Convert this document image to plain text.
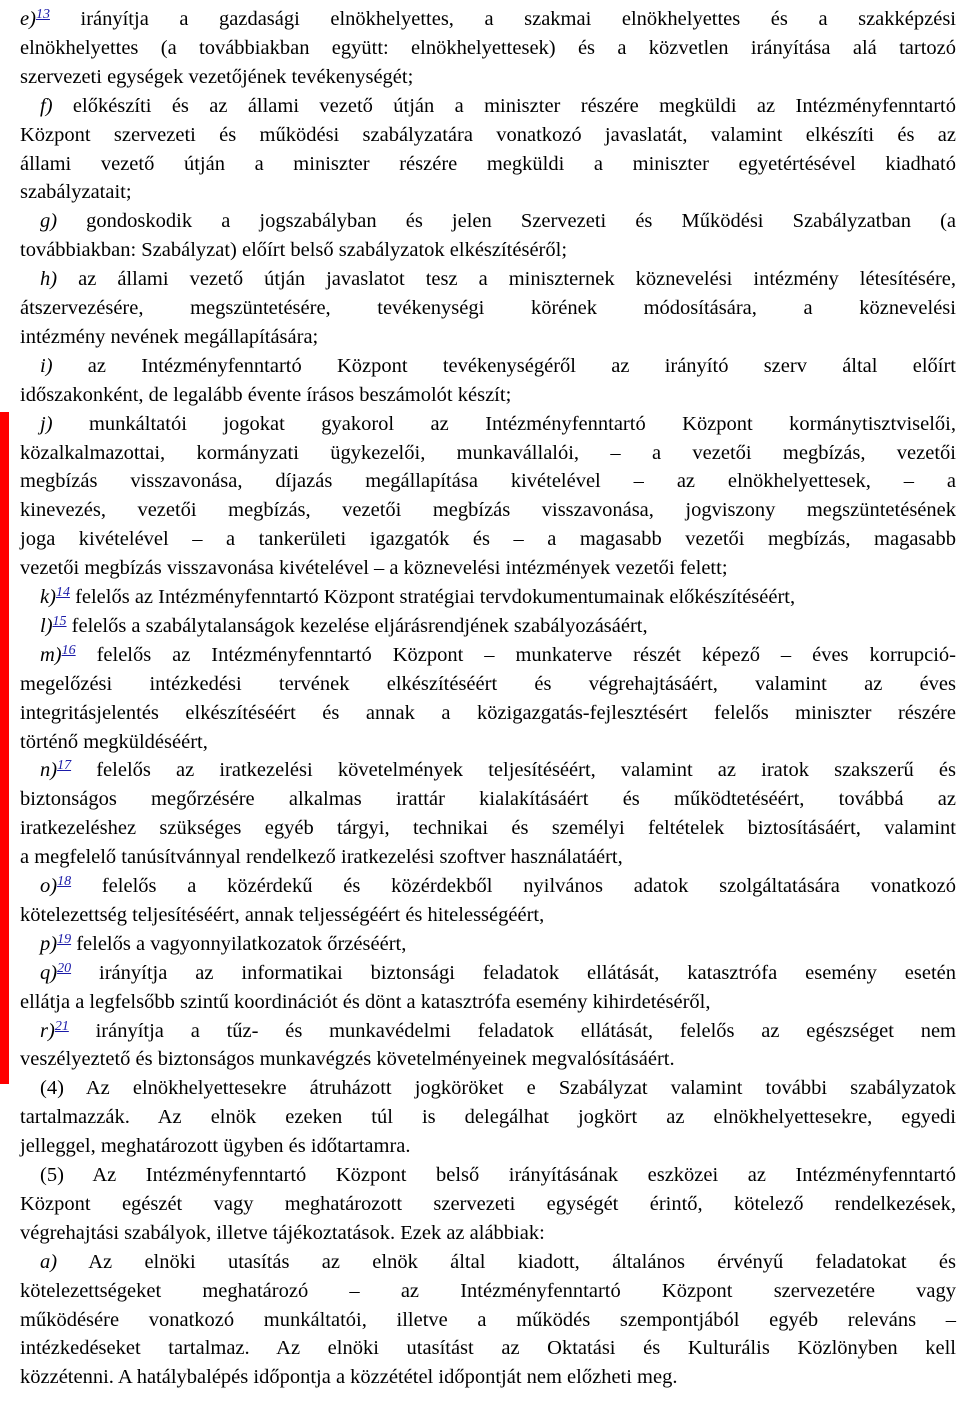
e)$^{13}$ irányítja a gazdasági elnökhelyettes, a szakmai elnökhelyettes és a szakképzési
elnökhelyettes (a továbbiakban együtt: elnökhelyettesek) és a közvetlen irányítása alá tartozó
szervezeti egységek vezetőjének tevékenységét;
f) előkészíti és az állami vezető útján a miniszter részére megküldi az Intézményfenntartó
Központ szervezeti és működési szabályzatára vonatkozó javaslatát, valamint elkészíti és az
állami vezető útján a miniszter részére megküldi a miniszter egyetértésével kiadható
szabályzatait;
g) gondoskodik a jogszabályban és jelen Szervezeti és Működési Szabályzatban (a
továbbiakban: Szabályzat) előírt belső szabályzatok elkészítéséről;
h) az állami vezető útján javaslatot tesz a miniszternek köznevelési intézmény létesítésére,
átszervezésére, megszüntetésére, tevékenységi körének módosítására, a köznevelési
intézmény nevének megállapítására;
i) az Intézményfenntartó Központ tevékenységéről az irányító szerv által előírt
időszakonként, de legalább évente írásos beszámolót készít;
j) munkáltatói jogokat gyakorol az Intézményfenntartó Központ kormánytisztviselői,
közalkalmazottai, kormányzati ügykezelői, munkavállalói, – a vezetői megbízás, vezetői
megbízás visszavonása, díjazás megállapítása kivételével – az elnökhelyettesek, – a
kinevezés, vezetői megbízás, vezetői megbízás visszavonása, jogviszony megszüntetésének
joga kivételével – a tankerületi igazgatók és – a magasabb vezetői megbízás, magasabb
vezetői megbízás visszavonása kivételével – a köznevelési intézmények vezetői felett;
k)$^{14}$ felelős az Intézményfenntartó Központ stratégiai tervdokumentumainak előkészítéséért,
l)$^{15}$ felelős a szabálytalanságok kezelése eljárásrendjének szabályozásáért,
m)$^{16}$ felelős az Intézményfenntartó Központ – munkaterve részét képező – éves korrupció-
megelőzési intézkedési tervének elkészítéséért és végrehajtásáért, valamint az éves
integritásjelentés elkészítéséért és annak a közigazgatás-fejlesztésért felelős miniszter részére
történő megküldéséért,
n)$^{17}$ felelős az iratkezelési követelmények teljesítéséért, valamint az iratok szakszerű és
biztonságos megőrzésére alkalmas irattár kialakításáért és működtetéséért, továbbá az
iratkezeléshez szükséges egyéb tárgyi, technikai és személyi feltételek biztosításáért, valamint
a megfelelő tanúsítvánnyal rendelkező iratkezelési szoftver használatáért,
o)$^{18}$ felelős a közérdekű és közérdekből nyilvános adatok szolgáltatására vonatkozó
kötelezettség teljesítéséért, annak teljességéért és hitelességéért,
p)$^{19}$ felelős a vagyonnyilatkozatok őrzéséért,
q)$^{20}$ irányítja az informatikai biztonsági feladatok ellátását, katasztrófa esemény esetén
ellátja a legfelsőbb szintű koordinációt és dönt a katasztrófa esemény kihirdetéséről,
r)$^{21}$ irányítja a tűz- és munkavédelmi feladatok ellátását, felelős az egészséget nem
veszélyeztető és biztonságos munkavégzés követelményeinek megvalósításáért.
(4) Az elnökhelyettesekre átruházott jogköröket e Szabályzat valamint további szabályzatok
tartalmazzák. Az elnök ezeken túl is delegálhat jogkört az elnökhelyettesekre, egyedi
jelleggel, meghatározott ügyben és időtartamra.
(5) Az Intézményfenntartó Központ belső irányításának eszközei az Intézményfenntartó
Központ egészét vagy meghatározott szervezeti egységét érintő, kötelező rendelkezések,
végrehajtási szabályok, illetve tájékoztatások. Ezek az alábbiak:
a) Az elnöki utasítás az elnök által kiadott, általános érvényű feladatokat és
kötelezettségeket meghatározó – az Intézményfenntartó Központ szervezetére vagy
működésére vonatkozó munkáltatói, illetve a működés szempontjából egyéb releváns –
intézkedéseket tartalmaz. Az elnöki utasítást az Oktatási és Kulturális Közlönyben kell
közzétenni. A hatálybalépés időpontja a közzététel időpontját nem előzheti meg.
